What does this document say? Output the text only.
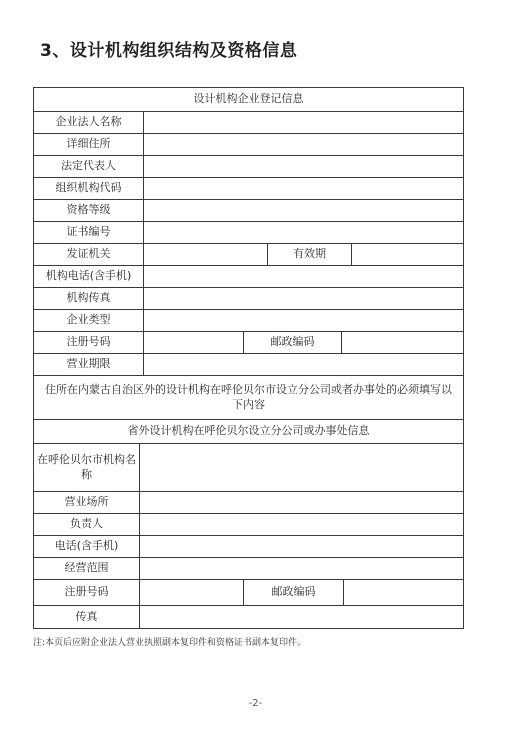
3、设计机构组织结构及资格信息
设计机构企业登记信息
企业法人名称
详细住所
法定代表人
组织机构代码
资格等级
证书编号
发证机关	有效期
机构电话(含手机)
机构传真
企业类型
注册号码	邮政编码
营业期限
住所在内蒙古自治区外的设计机构在呼伦贝尔市设立分公司或者办事处的必须填写以下内容
省外设计机构在呼伦贝尔设立分公司或办事处信息
在呼伦贝尔市机构名称
营业场所
负责人
电话(含手机)
经营范围
注册号码	邮政编码
传真
注:本页后应附企业法人营业执照副本复印件和资格证书副本复印件。
-2-
